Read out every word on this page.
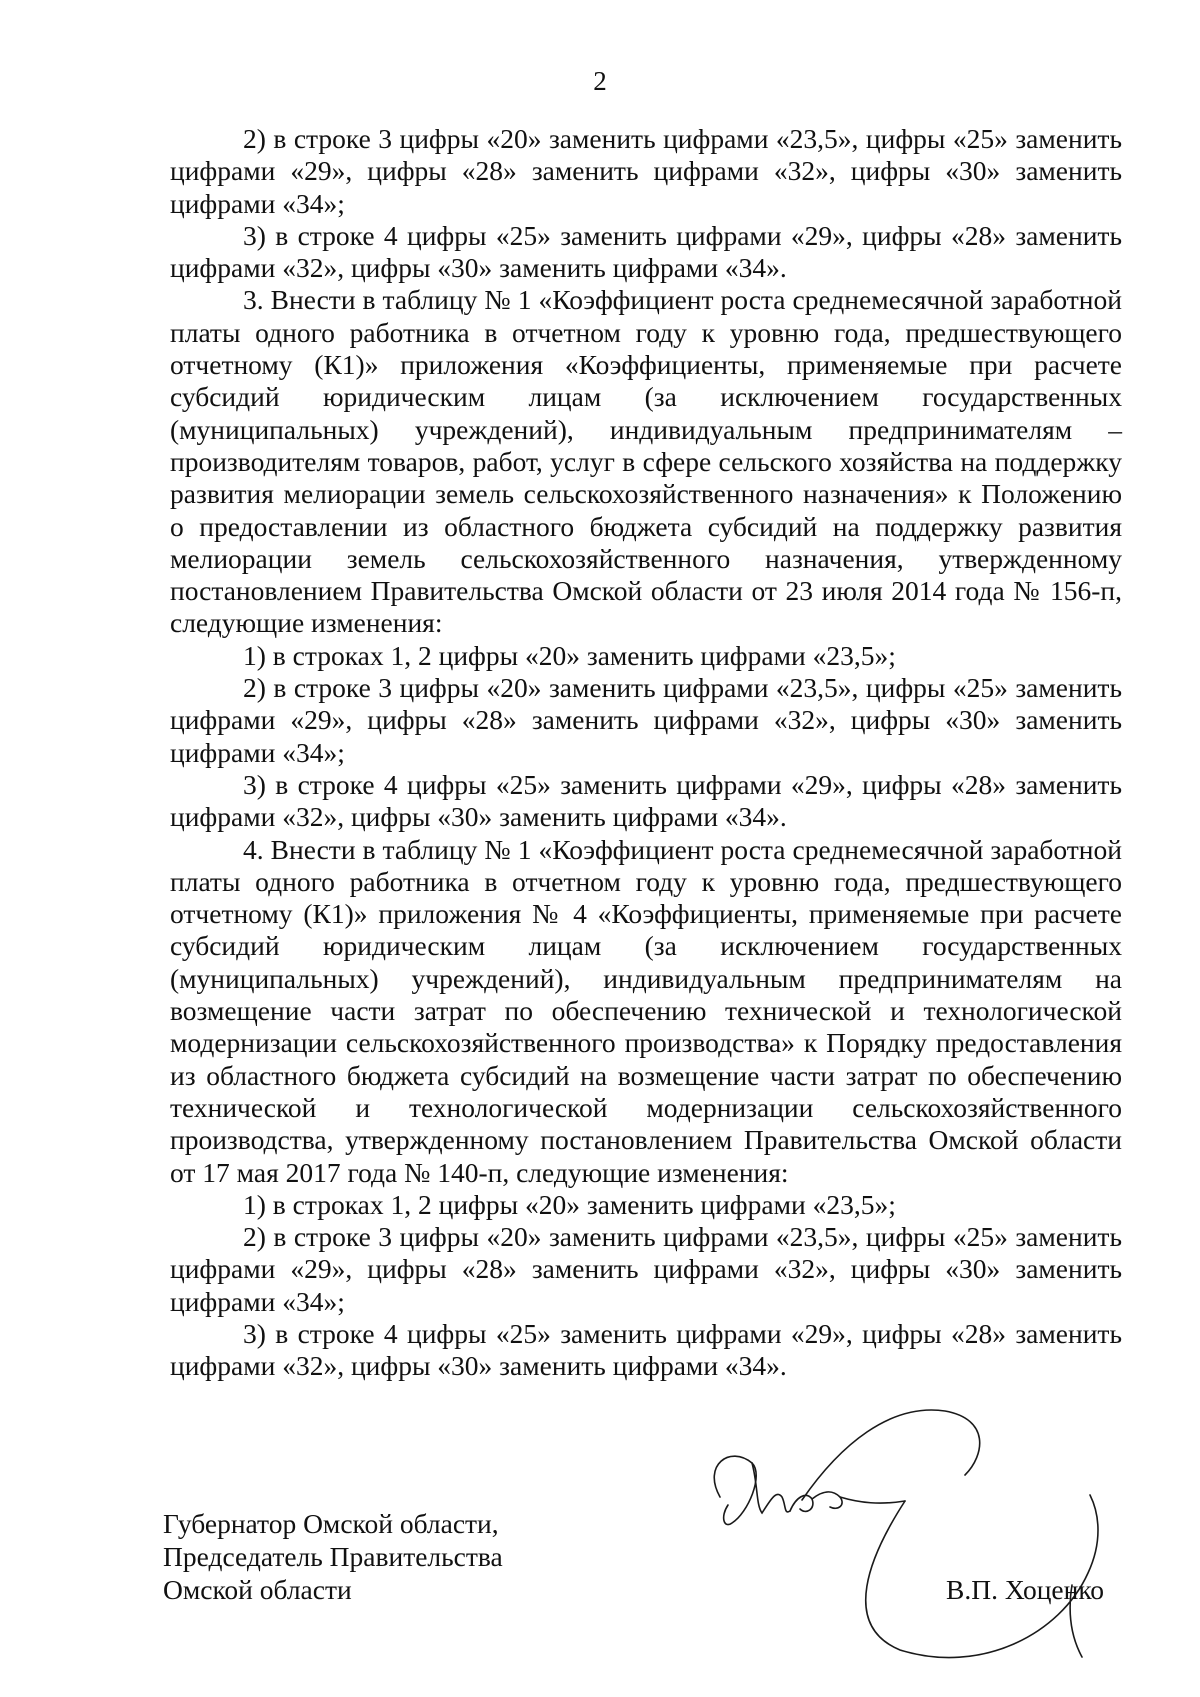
2

2) в строке 3 цифры «20» заменить цифрами «23,5», цифры «25» заменить цифрами «29», цифры «28» заменить цифрами «32», цифры «30» заменить цифрами «34»;

3) в строке 4 цифры «25» заменить цифрами «29», цифры «28» заменить цифрами «32», цифры «30» заменить цифрами «34».

3. Внести в таблицу № 1 «Коэффициент роста среднемесячной заработной платы одного работника в отчетном году к уровню года, предшествующего отчетному (К1)» приложения «Коэффициенты, применяемые при расчете субсидий юридическим лицам (за исключением государственных (муниципальных) учреждений), индивидуальным предпринимателям – производителям товаров, работ, услуг в сфере сельского хозяйства на поддержку развития мелиорации земель сельскохозяйственного назначения» к Положению о предоставлении из областного бюджета субсидий на поддержку развития мелиорации земель сельскохозяйственного назначения, утвержденному постановлением Правительства Омской области от 23 июля 2014 года № 156-п, следующие изменения:

1) в строках 1, 2 цифры «20» заменить цифрами «23,5»;

2) в строке 3 цифры «20» заменить цифрами «23,5», цифры «25» заменить цифрами «29», цифры «28» заменить цифрами «32», цифры «30» заменить цифрами «34»;

3) в строке 4 цифры «25» заменить цифрами «29», цифры «28» заменить цифрами «32», цифры «30» заменить цифрами «34».

4. Внести в таблицу № 1 «Коэффициент роста среднемесячной заработной платы одного работника в отчетном году к уровню года, предшествующего отчетному (К1)» приложения № 4 «Коэффициенты, применяемые при расчете субсидий юридическим лицам (за исключением государственных (муниципальных) учреждений), индивидуальным предпринимателям на возмещение части затрат по обеспечению технической и технологической модернизации сельскохозяйственного производства» к Порядку предоставления из областного бюджета субсидий на возмещение части затрат по обеспечению технической и технологической модернизации сельскохозяйственного производства, утвержденному постановлением Правительства Омской области от 17 мая 2017 года № 140-п, следующие изменения:

1) в строках 1, 2 цифры «20» заменить цифрами «23,5»;

2) в строке 3 цифры «20» заменить цифрами «23,5», цифры «25» заменить цифрами «29», цифры «28» заменить цифрами «32», цифры «30» заменить цифрами «34»;

3) в строке 4 цифры «25» заменить цифрами «29», цифры «28» заменить цифрами «32», цифры «30» заменить цифрами «34».

Губернатор Омской области,
Председатель Правительства
Омской области	В.П. Хоценко
